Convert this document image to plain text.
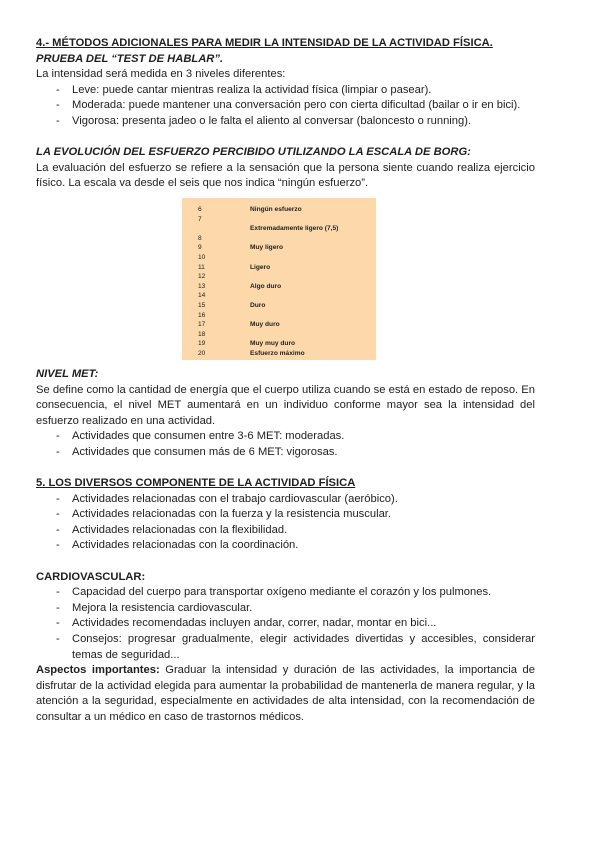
4.- MÉTODOS ADICIONALES PARA MEDIR LA INTENSIDAD DE LA ACTIVIDAD FÍSICA.
PRUEBA DEL “TEST DE HABLAR”.

La intensidad será medida en 3 niveles diferentes:

- Leve: puede cantar mientras realiza la actividad física (limpiar o pasear).
- Moderada: puede mantener una conversación pero con cierta dificultad (bailar o ir en bici).
- Vigorosa: presenta jadeo o le falta el aliento al conversar (baloncesto o running).
LA EVOLUCIÓN DEL ESFUERZO PERCIBIDO UTILIZANDO LA ESCALA DE BORG:

La evaluación del esfuerzo se refiere a la sensación que la persona siente cuando realiza ejercicio físico. La escala va desde el seis que nos indica “ningún esfuerzo”.

6	Ningún esfuerzo
7
Extremadamente ligero (7,5)
8
9	Muy ligero
10
11	Ligero
12
13	Algo duro
14
15	Duro
16
17	Muy duro
18
19	Muy muy duro
20	Esfuerzo máximo
NIVEL MET:

Se define como la cantidad de energía que el cuerpo utiliza cuando se está en estado de reposo. En consecuencia, el nivel MET aumentará en un individuo conforme mayor sea la intensidad del esfuerzo realizado en una actividad.

- Actividades que consumen entre 3-6 MET: moderadas.
- Actividades que consumen más de 6 MET: vigorosas.
5. LOS DIVERSOS COMPONENTE DE LA ACTIVIDAD FÍSICA
- Actividades relacionadas con el trabajo cardiovascular (aeróbico).
- Actividades relacionadas con la fuerza y la resistencia muscular.
- Actividades relacionadas con la flexibilidad.
- Actividades relacionadas con la coordinación.
CARDIOVASCULAR:
- Capacidad del cuerpo para transportar oxígeno mediante el corazón y los pulmones.
- Mejora la resistencia cardiovascular.
- Actividades recomendadas incluyen andar, correr, nadar, montar en bici...
- Consejos: progresar gradualmente, elegir actividades divertidas y accesibles, considerar temas de seguridad...

Aspectos importantes: Graduar la intensidad y duración de las actividades, la importancia de disfrutar de la actividad elegida para aumentar la probabilidad de mantenerla de manera regular, y la atención a la seguridad, especialmente en actividades de alta intensidad, con la recomendación de consultar a un médico en caso de trastornos médicos.
